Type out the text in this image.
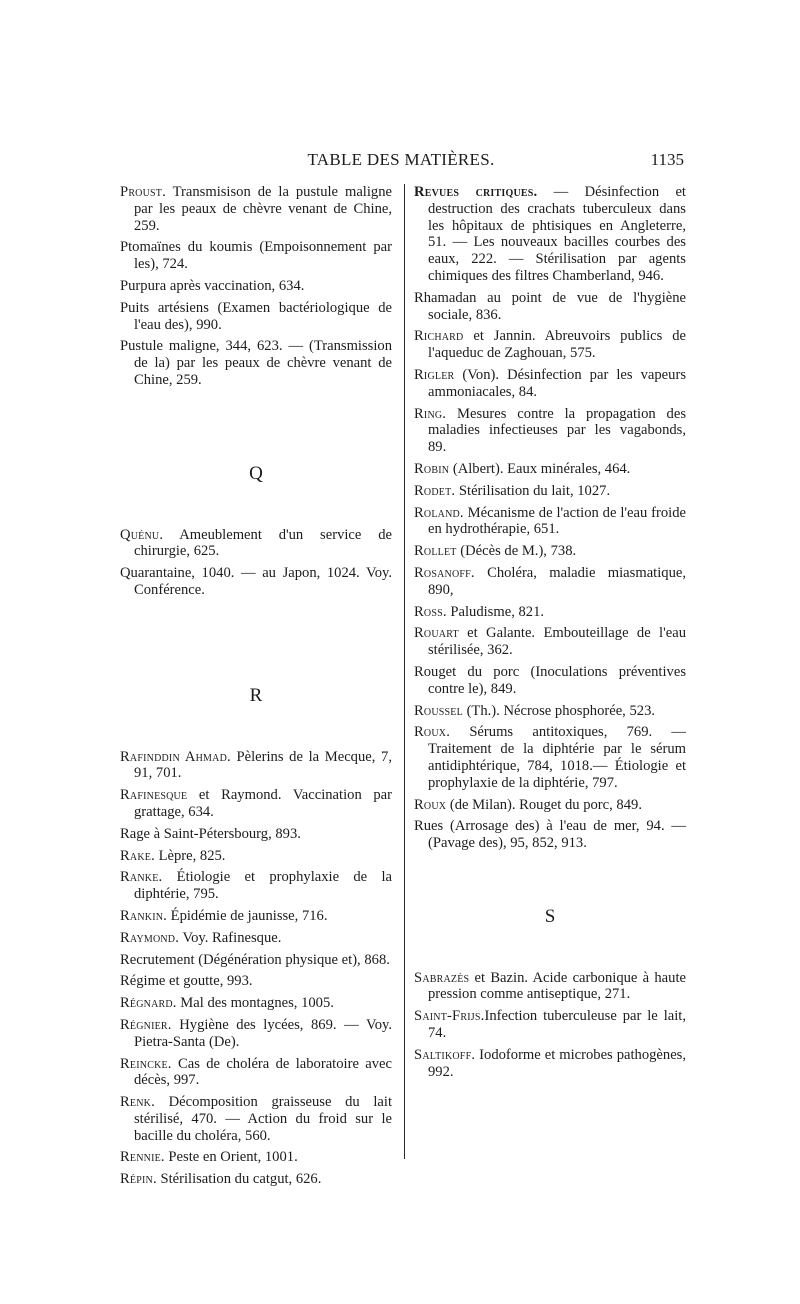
TABLE DES MATIÈRES.	1135

Proust. Transmisison de la pustule maligne par les peaux de chèvre venant de Chine, 259.

Ptomaïnes du koumis (Empoisonnement par les), 724.

Purpura après vaccination, 634.

Puits artésiens (Examen bactériologique de l'eau des), 990.

Pustule maligne, 344, 623. — (Transmission de la) par les peaux de chèvre venant de Chine, 259.

Q

Quénu. Ameublement d'un service de chirurgie, 625.

Quarantaine, 1040. — au Japon, 1024. Voy. Conférence.

R

Rafinddin Ahmad. Pèlerins de la Mecque, 7, 91, 701.

Rafinesque et Raymond. Vaccination par grattage, 634.

Rage à Saint-Pétersbourg, 893.

Rake. Lèpre, 825.

Ranke. Étiologie et prophylaxie de la diphtérie, 795.

Rankin. Épidémie de jaunisse, 716.

Raymond. Voy. Rafinesque.

Recrutement (Dégénération physique et), 868.

Régime et goutte, 993.

Régnard. Mal des montagnes, 1005.

Régnier. Hygiène des lycées, 869. — Voy. Pietra-Santa (De).

Reincke. Cas de choléra de laboratoire avec décès, 997.

Renk. Décomposition graisseuse du lait stérilisé, 470. — Action du froid sur le bacille du choléra, 560.

Rennie. Peste en Orient, 1001.

Répin. Stérilisation du catgut, 626.

Revues critiques. — Désinfection et destruction des crachats tuberculeux dans les hôpitaux de phtisiques en Angleterre, 51. — Les nouveaux bacilles courbes des eaux, 222. — Stérilisation par agents chimiques des filtres Chamberland, 946.

Rhamadan au point de vue de l'hygiène sociale, 836.

Richard et Jannin. Abreuvoirs publics de l'aqueduc de Zaghouan, 575.

Rigler (Von). Désinfection par les vapeurs ammoniacales, 84.

Ring. Mesures contre la propagation des maladies infectieuses par les vagabonds, 89.

Robin (Albert). Eaux minérales, 464.

Rodet. Stérilisation du lait, 1027.

Roland. Mécanisme de l'action de l'eau froide en hydrothérapie, 651.

Rollet (Décès de M.), 738.

Rosanoff. Choléra, maladie miasmatique, 890,

Ross. Paludisme, 821.

Rouart et Galante. Embouteillage de l'eau stérilisée, 362.

Rouget du porc (Inoculations préventives contre le), 849.

Roussel (Th.). Nécrose phosphorée, 523.

Roux. Sérums antitoxiques, 769. — Traitement de la diphtérie par le sérum antidiphtérique, 784, 1018.— Étiologie et prophylaxie de la diphtérie, 797.

Roux (de Milan). Rouget du porc, 849.

Rues (Arrosage des) à l'eau de mer, 94. — (Pavage des), 95, 852, 913.

S

Sabrazès et Bazin. Acide carbonique à haute pression comme antiseptique, 271.

Saint-Frijs.Infection tuberculeuse par le lait, 74.

Saltikoff. Iodoforme et microbes pathogènes, 992.
